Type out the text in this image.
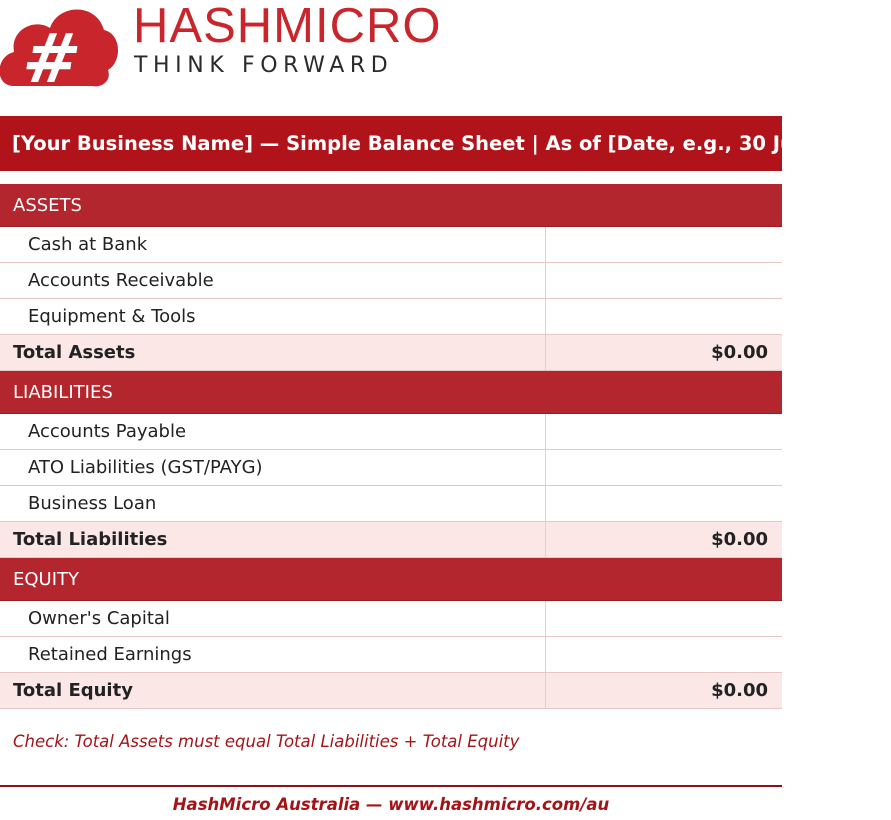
# HASHMICRO
THINK FORWARD
[Your Business Name] — Simple Balance Sheet | As of [Date, e.g., 30 June 2025]
ASSETS
Cash at Bank
Accounts Receivable
Equipment & Tools
Total Assets	$0.00
LIABILITIES
Accounts Payable
ATO Liabilities (GST/PAYG)
Business Loan
Total Liabilities	$0.00
EQUITY
Owner's Capital
Retained Earnings
Total Equity	$0.00
Check: Total Assets must equal Total Liabilities + Total Equity
HashMicro Australia — www.hashmicro.com/au
